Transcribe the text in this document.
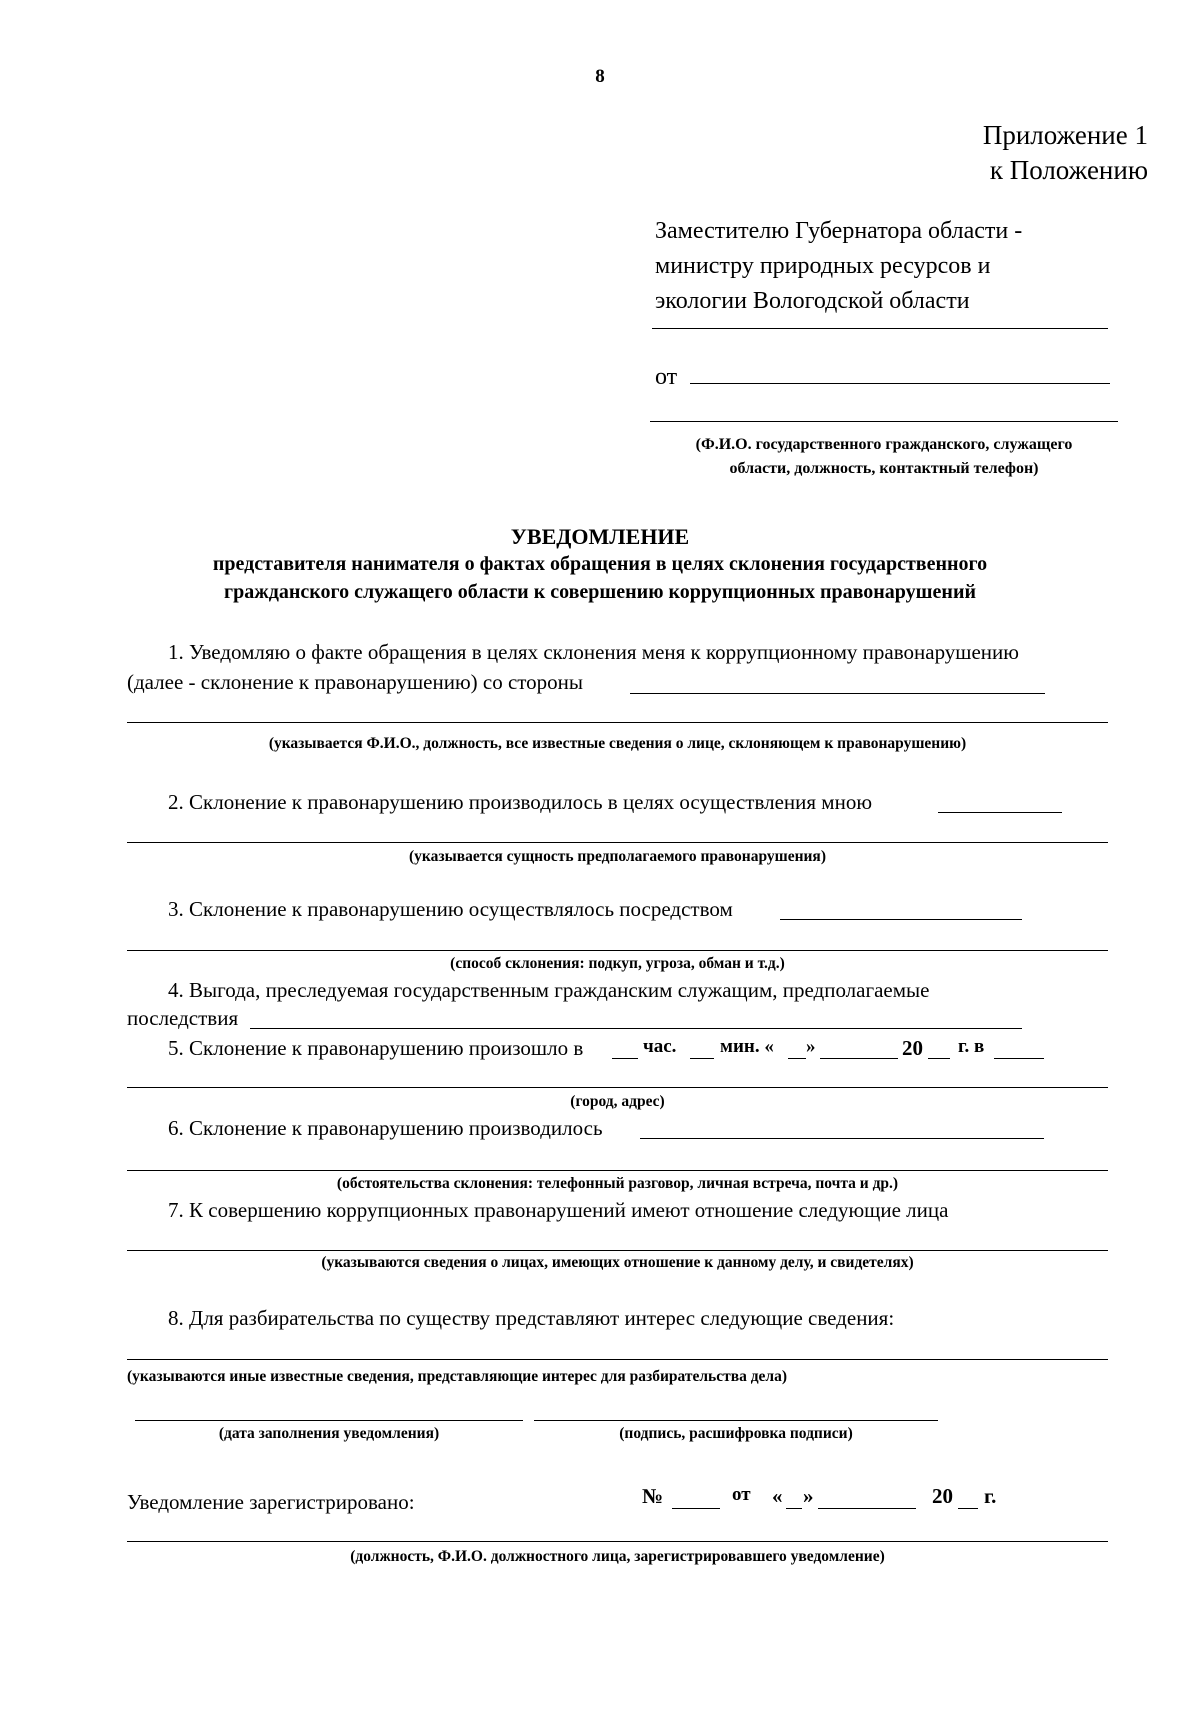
8
Приложение 1
к Положению
Заместителю Губернатора области -
министру природных ресурсов и
экологии Вологодской области
от
(Ф.И.О. государственного гражданского, служащего
области, должность, контактный телефон)
УВЕДОМЛЕНИЕ
представителя нанимателя о фактах обращения в целях склонения государственного
гражданского служащего области к совершению коррупционных правонарушений
1. Уведомляю о факте обращения в целях склонения меня к коррупционному правонарушению
(далее - склонение к правонарушению) со стороны
(указывается Ф.И.О., должность, все известные сведения о лице, склоняющем к правонарушению)
2. Склонение к правонарушению производилось в целях осуществления мною
(указывается сущность предполагаемого правонарушения)
3. Склонение к правонарушению осуществлялось посредством
(способ склонения: подкуп, угроза, обман и т.д.)
4. Выгода, преследуемая государственным гражданским служащим, предполагаемые
последствия
5. Склонение к правонарушению произошло в	час. мин. « »	20 г. в
(город, адрес)
6. Склонение к правонарушению производилось
(обстоятельства склонения: телефонный разговор, личная встреча, почта и др.)
7. К совершению коррупционных правонарушений имеют отношение следующие лица
(указываются сведения о лицах, имеющих отношение к данному делу, и свидетелях)
8. Для разбирательства по существу представляют интерес следующие сведения:
(указываются иные известные сведения, представляющие интерес для разбирательства дела)
(дата заполнения уведомления)	(подпись, расшифровка подписи)
Уведомление зарегистрировано:	№	от « »	20 г.
(должность, Ф.И.О. должностного лица, зарегистрировавшего уведомление)
